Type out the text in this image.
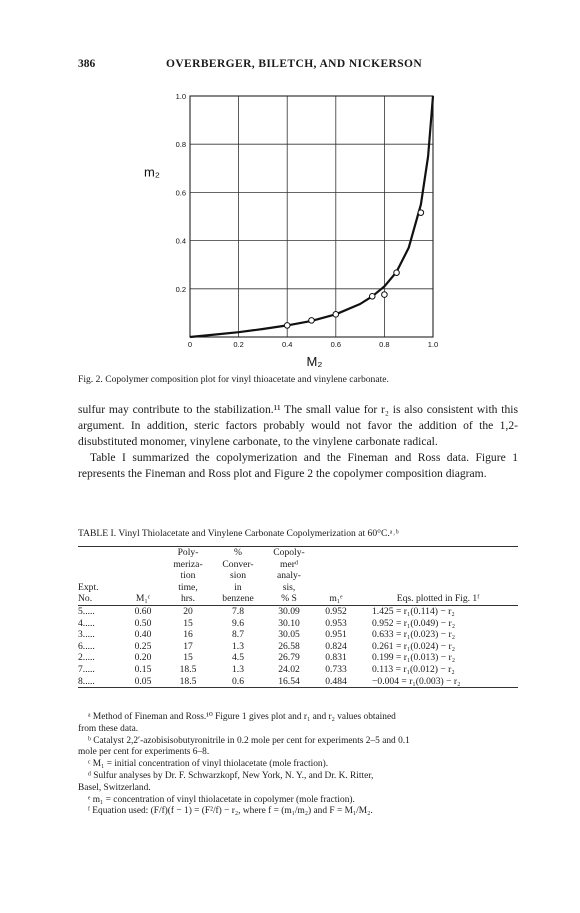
386	OVERBERGER, BILETCH, AND NICKERSON
0	0.2	0.4	0.6	0.8	1.0
0.2
0.4
0.6
0.8
1.0
M₂
m₂
Fig. 2. Copolymer composition plot for vinyl thioacetate and vinylene carbonate.

sulfur may contribute to the stabilization.¹¹ The small value for r₂ is also consistent with this argument. In addition, steric factors probably would not favor the addition of the 1,2-disubstituted monomer, vinylene carbonate, to the vinylene carbonate radical.

Table I summarized the copolymerization and the Fineman and Ross data. Figure 1 represents the Fineman and Ross plot and Figure 2 the copolymer composition diagram.

TABLE I. Vinyl Thiolacetate and Vinylene Carbonate Copolymerization at 60°C.ᵃ˒ᵇ
		Poly-	%	Copoly-		
		meriza-	Conver-	merᵈ		
		tion	sion	analy-		
Expt.		time,	in	sis,		
No.	M₁ᶜ	hrs.	benzene	% S	m₁ᵉ	Eqs. plotted in Fig. 1ᶠ
5.....	0.60	20	7.8	30.09	0.952	1.425 = r₁(0.114) − r₂
4.....	0.50	15	9.6	30.10	0.953	0.952 = r₁(0.049) − r₂
3.....	0.40	16	8.7	30.05	0.951	0.633 = r₁(0.023) − r₂
6.....	0.25	17	1.3	26.58	0.824	0.261 = r₁(0.024) − r₂
2.....	0.20	15	4.5	26.79	0.831	0.199 = r₁(0.013) − r₂
7.....	0.15	18.5	1.3	24.02	0.733	0.113 = r₁(0.012) − r₂
8.....	0.05	18.5	0.6	16.54	0.484	−0.004 = r₁(0.003) − r₂

ᵃ Method of Fineman and Ross.¹⁰ Figure 1 gives plot and r₁ and r₂ values obtained

from these data.

ᵇ Catalyst 2,2′-azobisisobutyronitrile in 0.2 mole per cent for experiments 2–5 and 0.1

mole per cent for experiments 6–8.

ᶜ M₁ = initial concentration of vinyl thiolacetate (mole fraction).

ᵈ Sulfur analyses by Dr. F. Schwarzkopf, New York, N. Y., and Dr. K. Ritter,

Basel, Switzerland.

ᵉ m₁ = concentration of vinyl thiolacetate in copolymer (mole fraction).

ᶠ Equation used: (F/f)(f − 1) = (F²/f) − r₂, where f = (m₁/m₂) and F = M₁/M₂.
